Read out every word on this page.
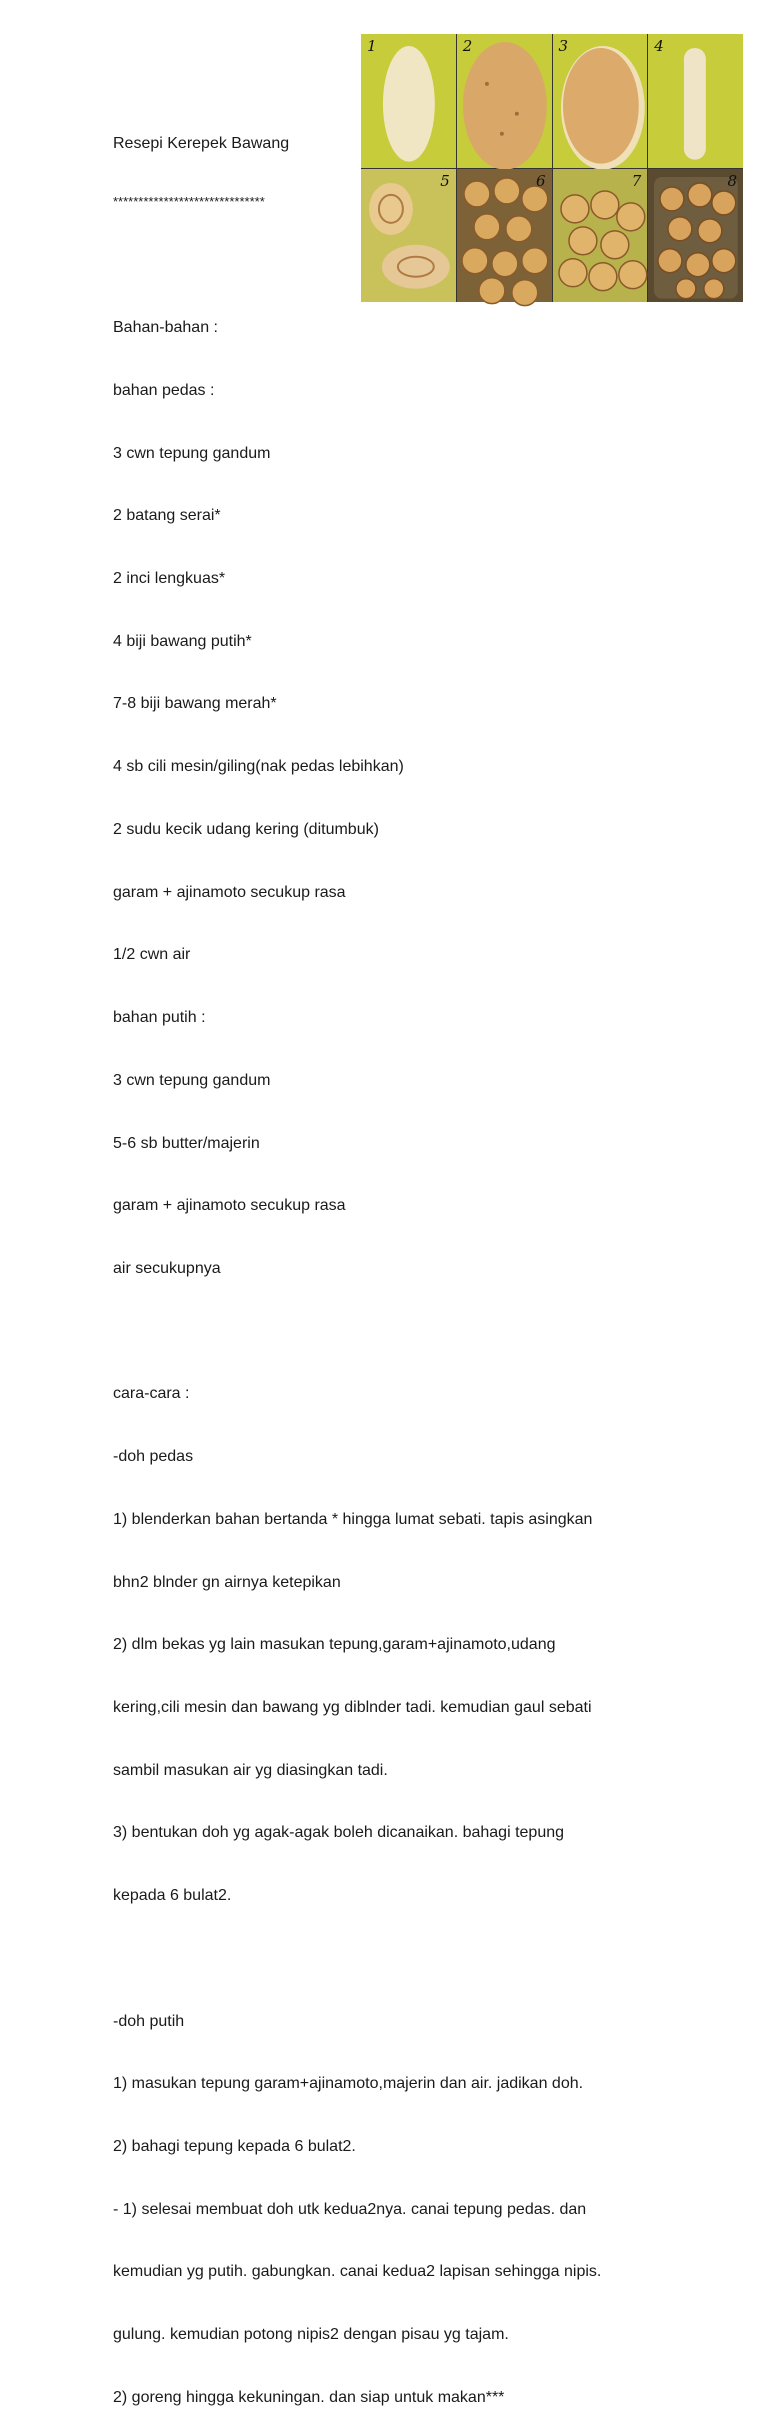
Resepi Kerepek Bawang

******************************

Bahan-bahan :

bahan pedas :

3 cwn tepung gandum

2 batang serai*

2 inci lengkuas*

4 biji bawang putih*

7-8 biji bawang merah*

4 sb cili mesin/giling(nak pedas lebihkan)

2 sudu kecik udang kering (ditumbuk)

garam + ajinamoto secukup rasa

1/2 cwn air

bahan putih :

3 cwn tepung gandum

5-6 sb butter/majerin

garam + ajinamoto secukup rasa

air secukupnya

cara-cara :

-doh pedas

1) blenderkan bahan bertanda * hingga lumat sebati. tapis asingkan

bhn2 blnder gn airnya ketepikan

2) dlm bekas yg lain masukan tepung,garam+ajinamoto,udang

kering,cili mesin dan bawang yg diblnder tadi. kemudian gaul sebati

sambil masukan air yg diasingkan tadi.

3) bentukan doh yg agak-agak boleh dicanaikan. bahagi tepung

kepada 6 bulat2.

-doh putih

1) masukan tepung garam+ajinamoto,majerin dan air. jadikan doh.

2) bahagi tepung kepada 6 bulat2.

- 1) selesai membuat doh utk kedua2nya. canai tepung pedas. dan

kemudian yg putih. gabungkan. canai kedua2 lapisan sehingga nipis.

gulung. kemudian potong nipis2 dengan pisau yg tajam.

2) goreng hingga kekuningan. dan siap untuk makan***

1	2	3	4
5	6	7	8
